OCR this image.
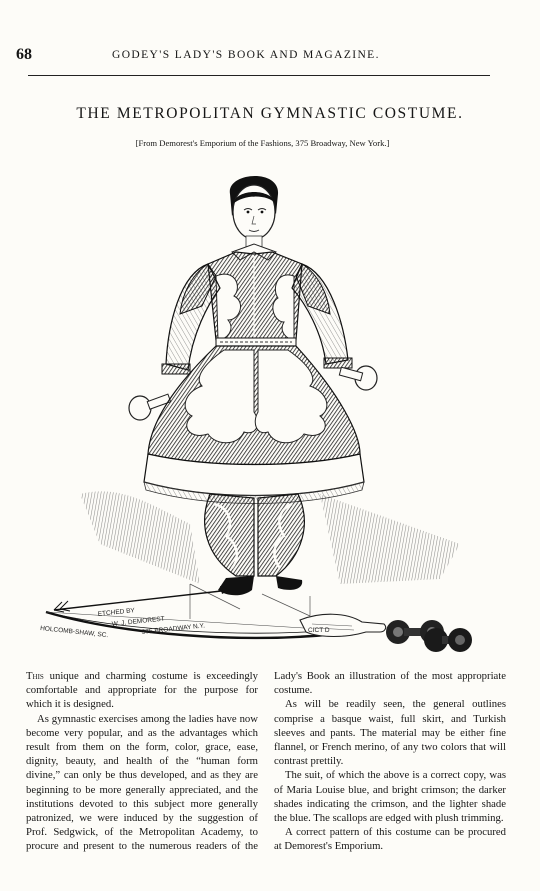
68	GODEY'S LADY'S BOOK AND MAGAZINE.
THE METROPOLITAN GYMNASTIC COSTUME.
[From Demorest's Emporium of the Fashions, 375 Broadway, New York.]
ETCHED BY
W. J. DEMOREST
375 BROADWAY N.Y.
HOLCOMB-SHAW, SC.	CICT D

This unique and charming costume is exceedingly comfortable and appropriate for the purpose for which it is designed.

As gymnastic exercises among the ladies have now become very popular, and as the advantages which result from them on the form, color, grace, ease, dignity, beauty, and health of the “human form divine,” can only be thus developed, and as they are beginning to be more generally appreciated, and the institutions devoted to this subject more generally patronized, we were induced by the suggestion of Prof. Sedgwick, of the Metropolitan Academy, to procure and present to the numerous readers of the Lady's Book an illustration of the most appropriate costume.

As will be readily seen, the general outlines comprise a basque waist, full skirt, and Turkish sleeves and pants. The material may be either fine flannel, or French merino, of any two colors that will contrast prettily.

The suit, of which the above is a correct copy, was of Maria Louise blue, and bright crimson; the darker shades indicating the crimson, and the lighter shade the blue. The scallops are edged with plush trimming.

A correct pattern of this costume can be procured at Demorest's Emporium.
